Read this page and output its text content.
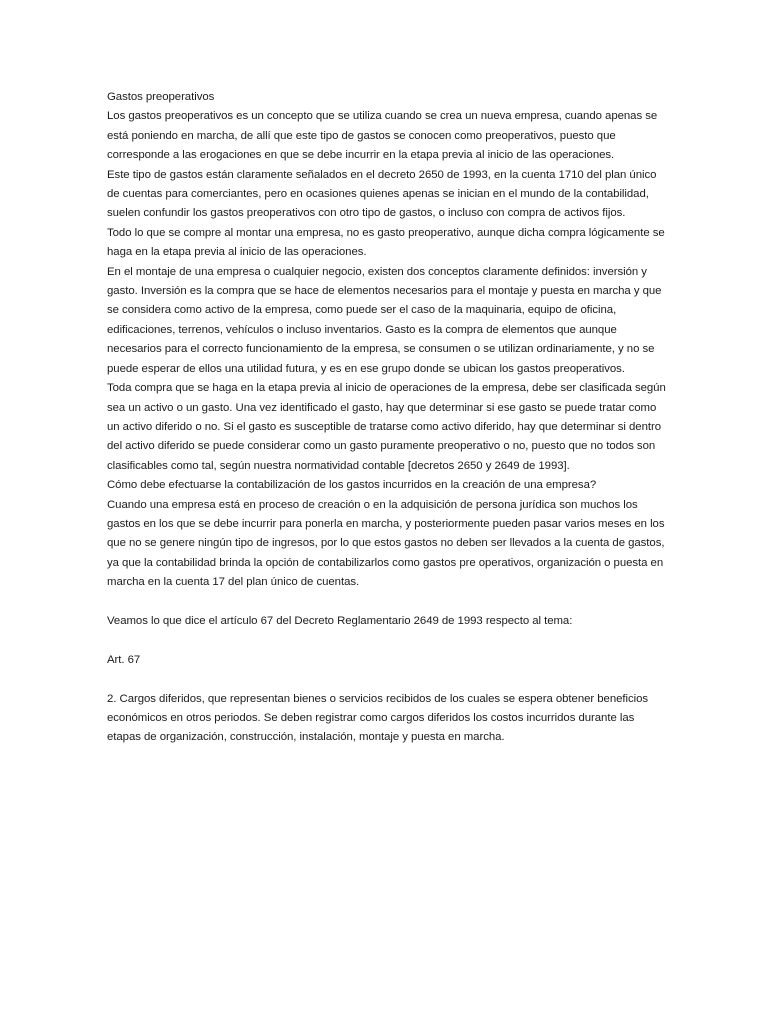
Gastos preoperativos

Los gastos preoperativos es un concepto que se utiliza cuando se crea un nueva empresa, cuando apenas se está poniendo en marcha, de allí que este tipo de gastos se conocen como preoperativos, puesto que corresponde a las erogaciones en que se debe incurrir en la etapa previa al inicio de las operaciones.

Este tipo de gastos están claramente señalados en el decreto 2650 de 1993, en la cuenta 1710 del plan único de cuentas para comerciantes, pero en ocasiones quienes apenas se inician en el mundo de la contabilidad, suelen confundir los gastos preoperativos con otro tipo de gastos, o incluso con compra de activos fijos.

Todo lo que se compre al montar una empresa, no es gasto preoperativo, aunque dicha compra lógicamente se haga en la etapa previa al inicio de las operaciones.

En el montaje de una empresa o cualquier negocio, existen dos conceptos claramente definidos: inversión y gasto. Inversión es la compra que se hace de elementos necesarios para el montaje y puesta en marcha y que se considera como activo de la empresa, como puede ser el caso de la maquinaria, equipo de oficina, edificaciones, terrenos, vehículos o incluso inventarios. Gasto es la compra de elementos que aunque necesarios para el correcto funcionamiento de la empresa, se consumen o se utilizan ordinariamente, y no se puede esperar de ellos una utilidad futura, y es en ese grupo donde se ubican los gastos preoperativos.

Toda compra que se haga en la etapa previa al inicio de operaciones de la empresa, debe ser clasificada según sea un activo o un gasto. Una vez identificado el gasto, hay que determinar si ese gasto se puede tratar como un activo diferido o no. Si el gasto es susceptible de tratarse como activo diferido, hay que determinar si dentro del activo diferido se puede considerar como un gasto puramente preoperativo o no, puesto que no todos son clasificables como tal, según nuestra normatividad contable [decretos 2650 y 2649 de 1993].

Cómo debe efectuarse la contabilización de los gastos incurridos en la creación de una empresa?

Cuando una empresa está en proceso de creación o en la adquisición de persona jurídica son muchos los gastos en los que se debe incurrir para ponerla en marcha, y posteriormente pueden pasar varios meses en los que no se genere ningún tipo de ingresos, por lo que estos gastos no deben ser llevados a la cuenta de gastos, ya que la contabilidad brinda la opción de contabilizarlos como gastos pre operativos, organización o puesta en marcha en la cuenta 17 del plan único de cuentas.

Veamos lo que dice el artículo 67 del Decreto Reglamentario 2649 de 1993 respecto al tema:

Art. 67

2. Cargos diferidos, que representan bienes o servicios recibidos de los cuales se espera obtener beneficios económicos en otros periodos. Se deben registrar como cargos diferidos los costos incurridos durante las etapas de organización, construcción, instalación, montaje y puesta en marcha.
